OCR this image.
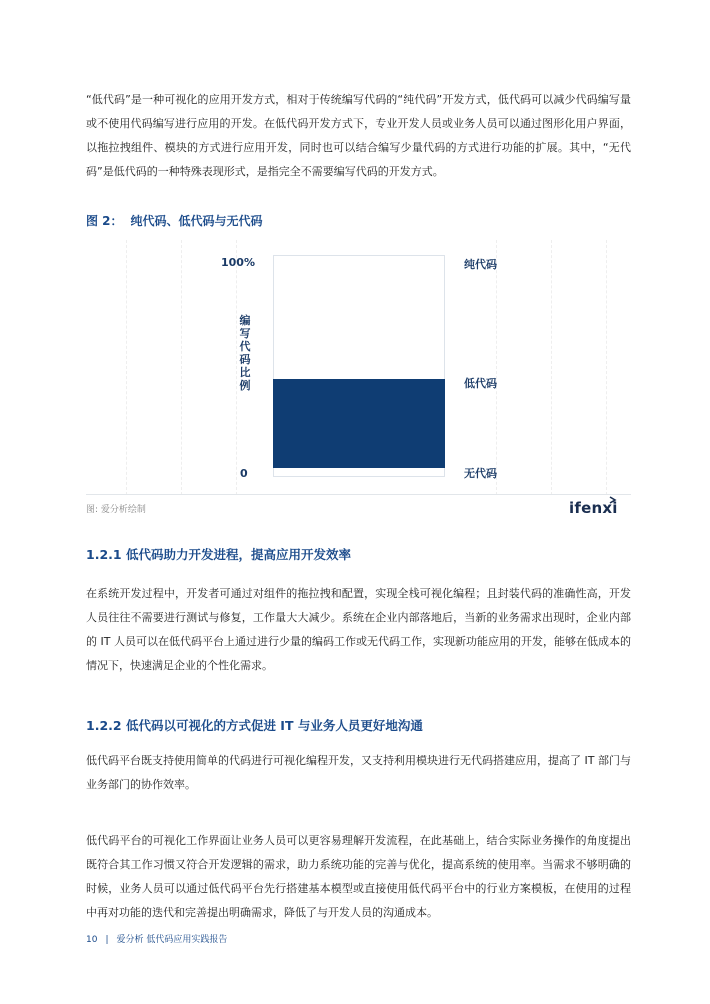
“低代码”是一种可视化的应用开发方式，相对于传统编写代码的“纯代码”开发方式，低代码可以减少代码编写量或不使用代码编写进行应用的开发。在低代码开发方式下，专业开发人员或业务人员可以通过图形化用户界面，以拖拉拽组件、模块的方式进行应用开发，同时也可以结合编写少量代码的方式进行功能的扩展。其中，“无代码”是低代码的一种特殊表现形式，是指完全不需要编写代码的开发方式。

图 2： 纯代码、低代码与无代码
100%
0
编写代码比例
纯代码
低代码
无代码
图: 爱分析绘制	ifenxi
1.2.1 低代码助力开发进程，提高应用开发效率

在系统开发过程中，开发者可通过对组件的拖拉拽和配置，实现全栈可视化编程；且封装代码的准确性高，开发人员往往不需要进行测试与修复，工作量大大减少。系统在企业内部落地后，当新的业务需求出现时，企业内部的 IT 人员可以在低代码平台上通过进行少量的编码工作或无代码工作，实现新功能应用的开发，能够在低成本的情况下，快速满足企业的个性化需求。

1.2.2 低代码以可视化的方式促进 IT 与业务人员更好地沟通

低代码平台既支持使用简单的代码进行可视化编程开发，又支持利用模块进行无代码搭建应用，提高了 IT 部门与业务部门的协作效率。

低代码平台的可视化工作界面让业务人员可以更容易理解开发流程，在此基础上，结合实际业务操作的角度提出既符合其工作习惯又符合开发逻辑的需求，助力系统功能的完善与优化，提高系统的使用率。当需求不够明确的时候，业务人员可以通过低代码平台先行搭建基本模型或直接使用低代码平台中的行业方案模板，在使用的过程中再对功能的迭代和完善提出明确需求，降低了与开发人员的沟通成本。

10 | 爱分析 低代码应用实践报告
